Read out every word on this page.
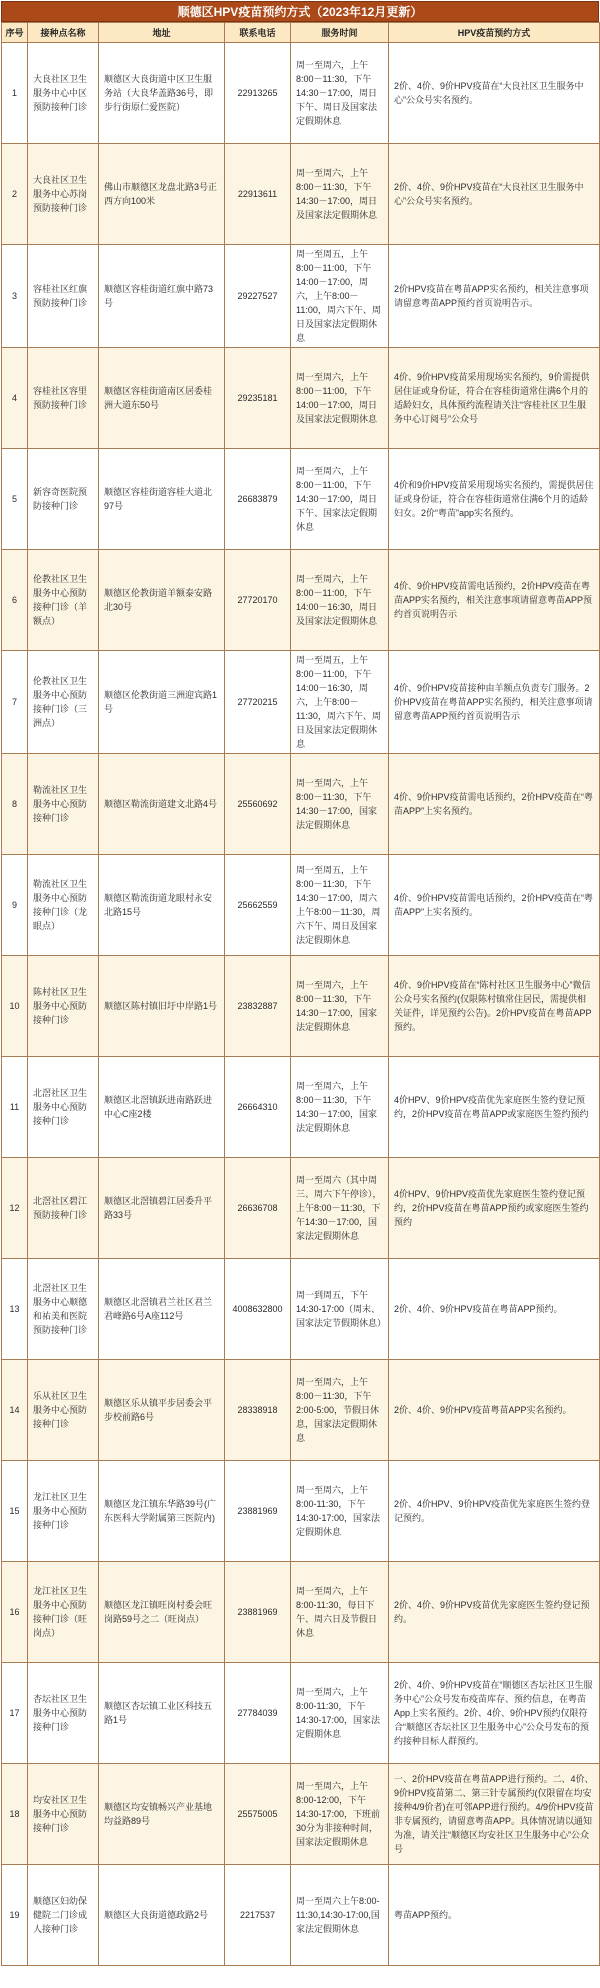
顺德区HPV疫苗预约方式（2023年12月更新）
序号	接种点名称	地址	联系电话	服务时间	HPV疫苗预约方式
1	大良社区卫生服务中心中区预防接种门诊	顺德区大良街道中区卫生服务站（大良华盖路36号，即步行街原仁爱医院）	22913265	周一至周六，上午8:00－11:30，下午14:30－17:00，周日下午、周日及国家法定假期休息	2价、4价、9价HPV疫苗在“大良社区卫生服务中心”公众号实名预约。
2	大良社区卫生服务中心苏岗预防接种门诊	佛山市顺德区龙盘北路3号正西方向100米	22913611	周一至周六，上午8:00－11:30，下午14:30－17:00，周日及国家法定假期休息	2价、4价、9价HPV疫苗在“大良社区卫生服务中心”公众号实名预约。
3	容桂社区红旗预防接种门诊	顺德区容桂街道红旗中路73号	29227527	周一至周五，上午8:00－11:00，下午14:00－17:00，周六，上午8:00－11:00，周六下午、周日及国家法定假期休息	2价HPV疫苗在粤苗APP实名预约，相关注意事项请留意粤苗APP预约首页说明告示。
4	容桂社区容里预防接种门诊	顺德区容桂街道南区居委桂洲大道东50号	29235181	周一至周六，上午8:00－11:00，下午14:00－17:00，周日及国家法定假期休息	4价、9价HPV疫苗采用现场实名预约，9价需提供居住证或身份证，符合在容桂街道常住满6个月的适龄妇女，具体预约流程请关注“容桂社区卫生服务中心订阅号”公众号
5	新容奇医院预防接种门诊	顺德区容桂街道容桂大道北97号	26683879	周一至周六，上午8:00－11:00，下午14:30－17:00，周日下午、国家法定假期休息	4价和9价HPV疫苗采用现场实名预约，需提供居住证或身份证，符合在容桂街道常住满6个月的适龄妇女。2价“粤苗”app实名预约。
6	伦教社区卫生服务中心预防接种门诊（羊额点）	顺德区伦教街道羊额泰安路北30号	27720170	周一至周六，上午8:00－11:00，下午14:00－16:30，周日及国家法定假期休息	4价、9价HPV疫苗需电话预约，2价HPV疫苗在粤苗APP实名预约，相关注意事项请留意粤苗APP预约首页说明告示
7	伦教社区卫生服务中心预防接种门诊（三洲点）	顺德区伦教街道三洲迎宾路1号	27720215	周一至周五，上午8:00－11:00，下午14:00－16:30，周六，上午8:00－11:30，周六下午、周日及国家法定假期休息	4价、9价HPV疫苗接种由羊额点负责专门服务。2价HPV疫苗在粤苗APP实名预约，相关注意事项请留意粤苗APP预约首页说明告示
8	勒流社区卫生服务中心预防接种门诊	顺德区勒流街道建文北路4号	25560692	周一至周六，上午8:00－11:30，下午14:30－17:00，国家法定假期休息	4价、9价HPV疫苗需电话预约，2价HPV疫苗在“粤苗APP”上实名预约。
9	勒流社区卫生服务中心预防接种门诊（龙眼点）	顺德区勒流街道龙眼村永安北路15号	25662559	周一至周五，上午8:00－11:30，下午14:30－17:00，周六上午8:00－11:30，周六下午、周日及国家法定假期休息	4价、9价HPV疫苗需电话预约，2价HPV疫苗在“粤苗APP”上实名预约。
10	陈村社区卫生服务中心预防接种门诊	顺德区陈村镇旧圩中岸路1号	23832887	周一至周六，上午8:00－11:30，下午14:30－17:00，国家法定假期休息	4价、9价HPV疫苗在“陈村社区卫生服务中心”微信公众号实名预约(仅限陈村镇常住居民，需提供相关证件，详见预约公告)。2价HPV疫苗在粤苗APP预约。
11	北滘社区卫生服务中心预防接种门诊	顺德区北滘镇跃进南路跃进中心C座2楼	26664310	周一至周六，上午8:00－11:30，下午14:30－17:00，国家法定假期休息	4价HPV、9价HPV疫苗优先家庭医生签约登记预约，2价HPV疫苗在粤苗APP或家庭医生签约预约
12	北滘社区碧江预防接种门诊	顺德区北滘镇碧江居委升平路33号	26636708	周一至周六（其中周三、周六下午停诊），上午8:00－11:30，下午14:30－17:00，国家法定假期休息	4价HPV、9价HPV疫苗优先家庭医生签约登记预约，2价HPV疫苗在粤苗APP预约或家庭医生签约预约
13	北滘社区卫生服务中心顺德和祐美和医院预防接种门诊	顺德区北滘镇君兰社区君兰君峰路6号A座112号	4008632800	周一到周五，下午14:30-17:00（周末、国家法定节假期休息）	2价、4价、9价HPV疫苗在粤苗APP预约。
14	乐从社区卫生服务中心预防接种门诊	顺德区乐从镇平步居委会平步校前路6号	28338918	周一至周六，上午8:00－11:30，下午2:00-5:00，节假日休息，国家法定假期休息	2价、4价、9价HPV疫苗粤苗APP实名预约。
15	龙江社区卫生服务中心预防接种门诊	顺德区龙江镇东华路39号(广东医科大学附属第三医院内)	23881969	周一至周六，上午8:00-11:30，下午14:30-17:00，国家法定假期休息	2价、4价HPV、9价HPV疫苗优先家庭医生签约登记预约。
16	龙江社区卫生服务中心预防接种门诊（旺岗点）	顺德区龙江镇旺岗村委会旺岗路59号之二（旺岗点）	23881969	周一至周六，上午8:00-11:30，每日下午、周六日及节假日休息	2价、4价、9价HPV疫苗优先家庭医生签约登记预约。
17	杏坛社区卫生服务中心预防接种门诊	顺德区杏坛镇工业区科技五路1号	27784039	周一至周六，上午8:00-11:30，下午14:30-17:00，国家法定假期休息	2价、4价、9价HPV疫苗在“顺德区杏坛社区卫生服务中心”公众号发布疫苗库存、预约信息，在粤苗App上实名预约。2价、4价、9价HPV预约仅限符合“顺德区杏坛社区卫生服务中心”公众号发布的预约接种目标人群预约。
18	均安社区卫生服务中心预防接种门诊	顺德区均安镇畅兴产业基地均益路89号	25575005	周一至周六，上午8:00-12:00，下午14:30-17:00，下班前30分为非接种时间，国家法定假期休息	一、2价HPV疫苗在粤苗APP进行预约。二、4价、9价HPV疫苗第二、第三针专属预约(仅限留在均安接种4/9价者)在可邻APP进行预约。4/9价HPV疫苗非专属预约，请留意粤苗APP。具体情况请以通知为准，请关注“顺德区均安社区卫生服务中心”公众号
19	顺德区妇幼保健院二门诊成人接种门诊	顺德区大良街道德政路2号	2217537	周一至周六上午8:00-11:30,14:30-17:00,国家法定假期休息	粤苗APP预约。
